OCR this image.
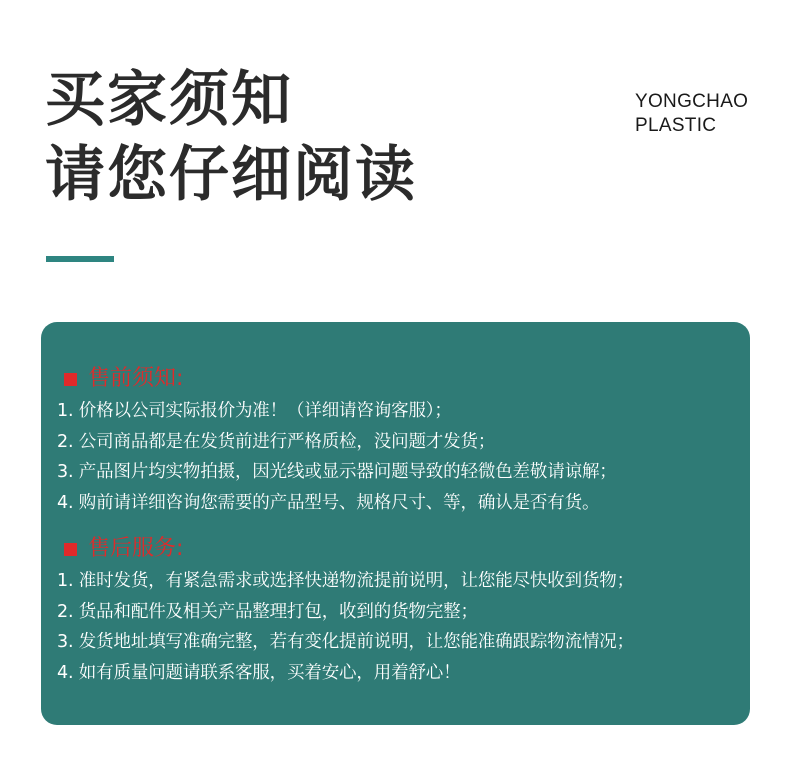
买家须知
请您仔细阅读
YONGCHAO
PLASTIC
售前须知:
1. 价格以公司实际报价为准！（详细请咨询客服）；
2. 公司商品都是在发货前进行严格质检，没问题才发货；
3. 产品图片均实物拍摄，因光线或显示器问题导致的轻微色差敬请谅解；
4. 购前请详细咨询您需要的产品型号、规格尺寸、等，确认是否有货。
售后服务:
1. 准时发货，有紧急需求或选择快递物流提前说明，让您能尽快收到货物；
2. 货品和配件及相关产品整理打包，收到的货物完整；
3. 发货地址填写准确完整，若有变化提前说明，让您能准确跟踪物流情况；
4. 如有质量问题请联系客服，买着安心，用着舒心！
